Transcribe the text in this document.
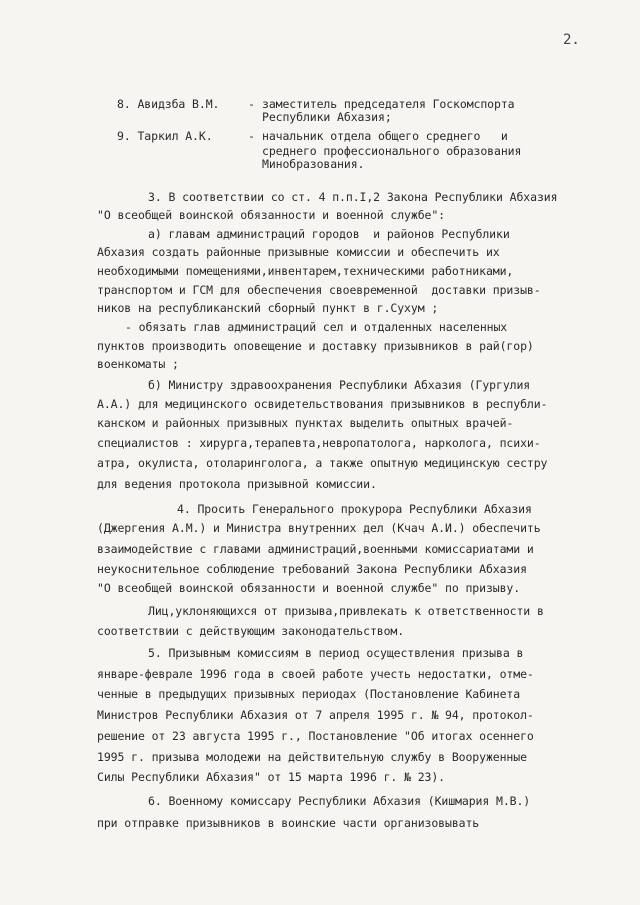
2.
8. Авидзба В.М. - заместитель председателя Госкомспорта
Республики Абхазия;
9. Таркил А.К.	- начальник отдела общего среднего   и
среднего профессионального образования
Минобразования.
3. В соответствии со ст. 4 п.п.I,2 Закона Республики Абхазия
"О всеобщей воинской обязанности и военной службе":
а) главам администраций городов  и районов Республики
Абхазия создать районные призывные комиссии и обеспечить их
необходимыми помещениями,инвентарем,техническими работниками,
транспортом и ГСМ для обеспечения своевременной  доставки призыв-
ников на республиканский сборный пункт в г.Сухум ;
- обязать глав администраций сел и отдаленных населенных
пунктов производить оповещение и доставку призывников в рай(гор)
военкоматы ;
б) Министру здравоохранения Республики Абхазия (Гургулия
А.А.) для медицинского освидетельствования призывников в республи-
канском и районных призывных пунктах выделить опытных врачей-
специалистов : хирурга,терапевта,невропатолога, нарколога, психи-
атра, окулиста, отоларинголога, а также опытную медицинскую сестру
для ведения протокола призывной комиссии.
4. Просить Генерального прокурора Республики Абхазия
(Джергения А.М.) и Министра внутренних дел (Кчач А.И.) обеспечить
взаимодействие с главами администраций,военными комиссариатами и
неукоснительное соблюдение требований Закона Республики Абхазия
"О всеобщей воинской обязанности и военной службе" по призыву.
Лиц,уклоняющихся от призыва,привлекать к ответственности в
соответствии с действующим законодательством.
5. Призывным комиссиям в период осуществления призыва в
январе-феврале 1996 года в своей работе учесть недостатки, отме-
ченные в предыдущих призывных периодах (Постановление Кабинета
Министров Республики Абхазия от 7 апреля 1995 г. № 94, протокол-
решение от 23 августа 1995 г., Постановление "Об итогах осеннего
1995 г. призыва молодежи на действительную службу в Вооруженные
Силы Республики Абхазия" от 15 марта 1996 г. № 23).
6. Военному комиссару Республики Абхазия (Кишмария М.В.)
при отправке призывников в воинские части организовывать
